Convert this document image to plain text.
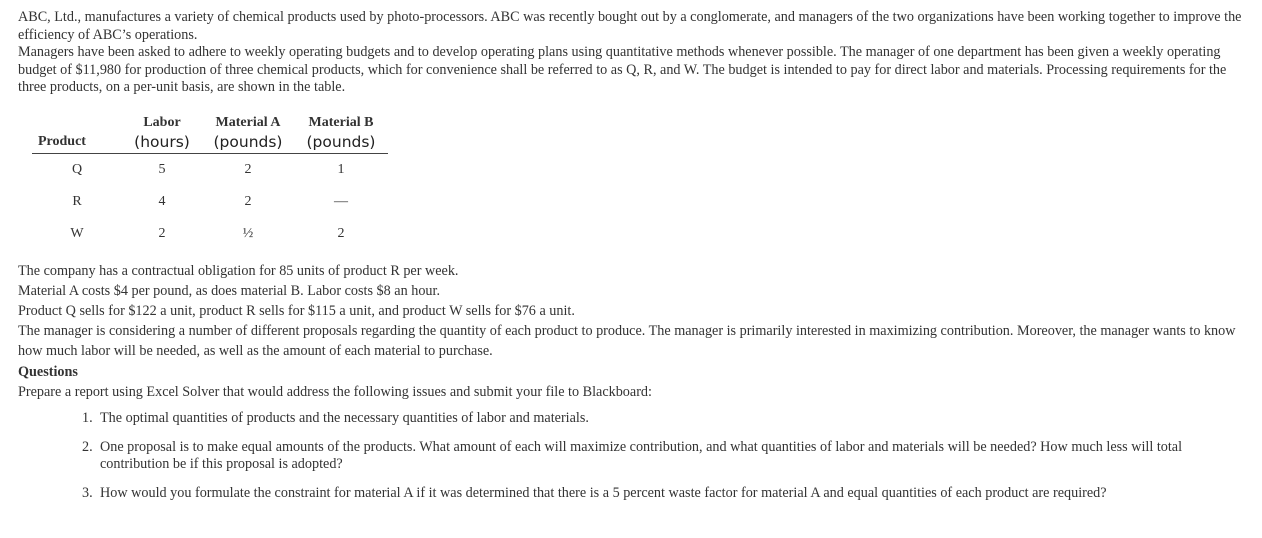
ABC, Ltd., manufactures a variety of chemical products used by photo-processors. ABC was recently bought out by a conglomerate, and managers of the two organizations have been working together to improve the efficiency of ABC’s operations.

Managers have been asked to adhere to weekly operating budgets and to develop operating plans using quantitative methods whenever possible. The manager of one department has been given a weekly operating budget of $11,980 for production of three chemical products, which for convenience shall be referred to as Q, R, and W. The budget is intended to pay for direct labor and materials. Processing requirements for the three products, on a per-unit basis, are shown in the table.

	Labor	Material A	Material B
Product	(hours)	(pounds)	(pounds)
Q	5	2	1
R	4	2	—
W	2	½	2

The company has a contractual obligation for 85 units of product R per week.

Material A costs $4 per pound, as does material B. Labor costs $8 an hour.

Product Q sells for $122 a unit, product R sells for $115 a unit, and product W sells for $76 a unit.

The manager is considering a number of different proposals regarding the quantity of each product to produce. The manager is primarily interested in maximizing contribution. Moreover, the manager wants to know how much labor will be needed, as well as the amount of each material to purchase.

Questions

Prepare a report using Excel Solver that would address the following issues and submit your file to Blackboard:

1. The optimal quantities of products and the necessary quantities of labor and materials.
2. One proposal is to make equal amounts of the products. What amount of each will maximize contribution, and what quantities of labor and materials will be needed? How much less will total contribution be if this proposal is adopted?
3. How would you formulate the constraint for material A if it was determined that there is a 5 percent waste factor for material A and equal quantities of each product are required?
